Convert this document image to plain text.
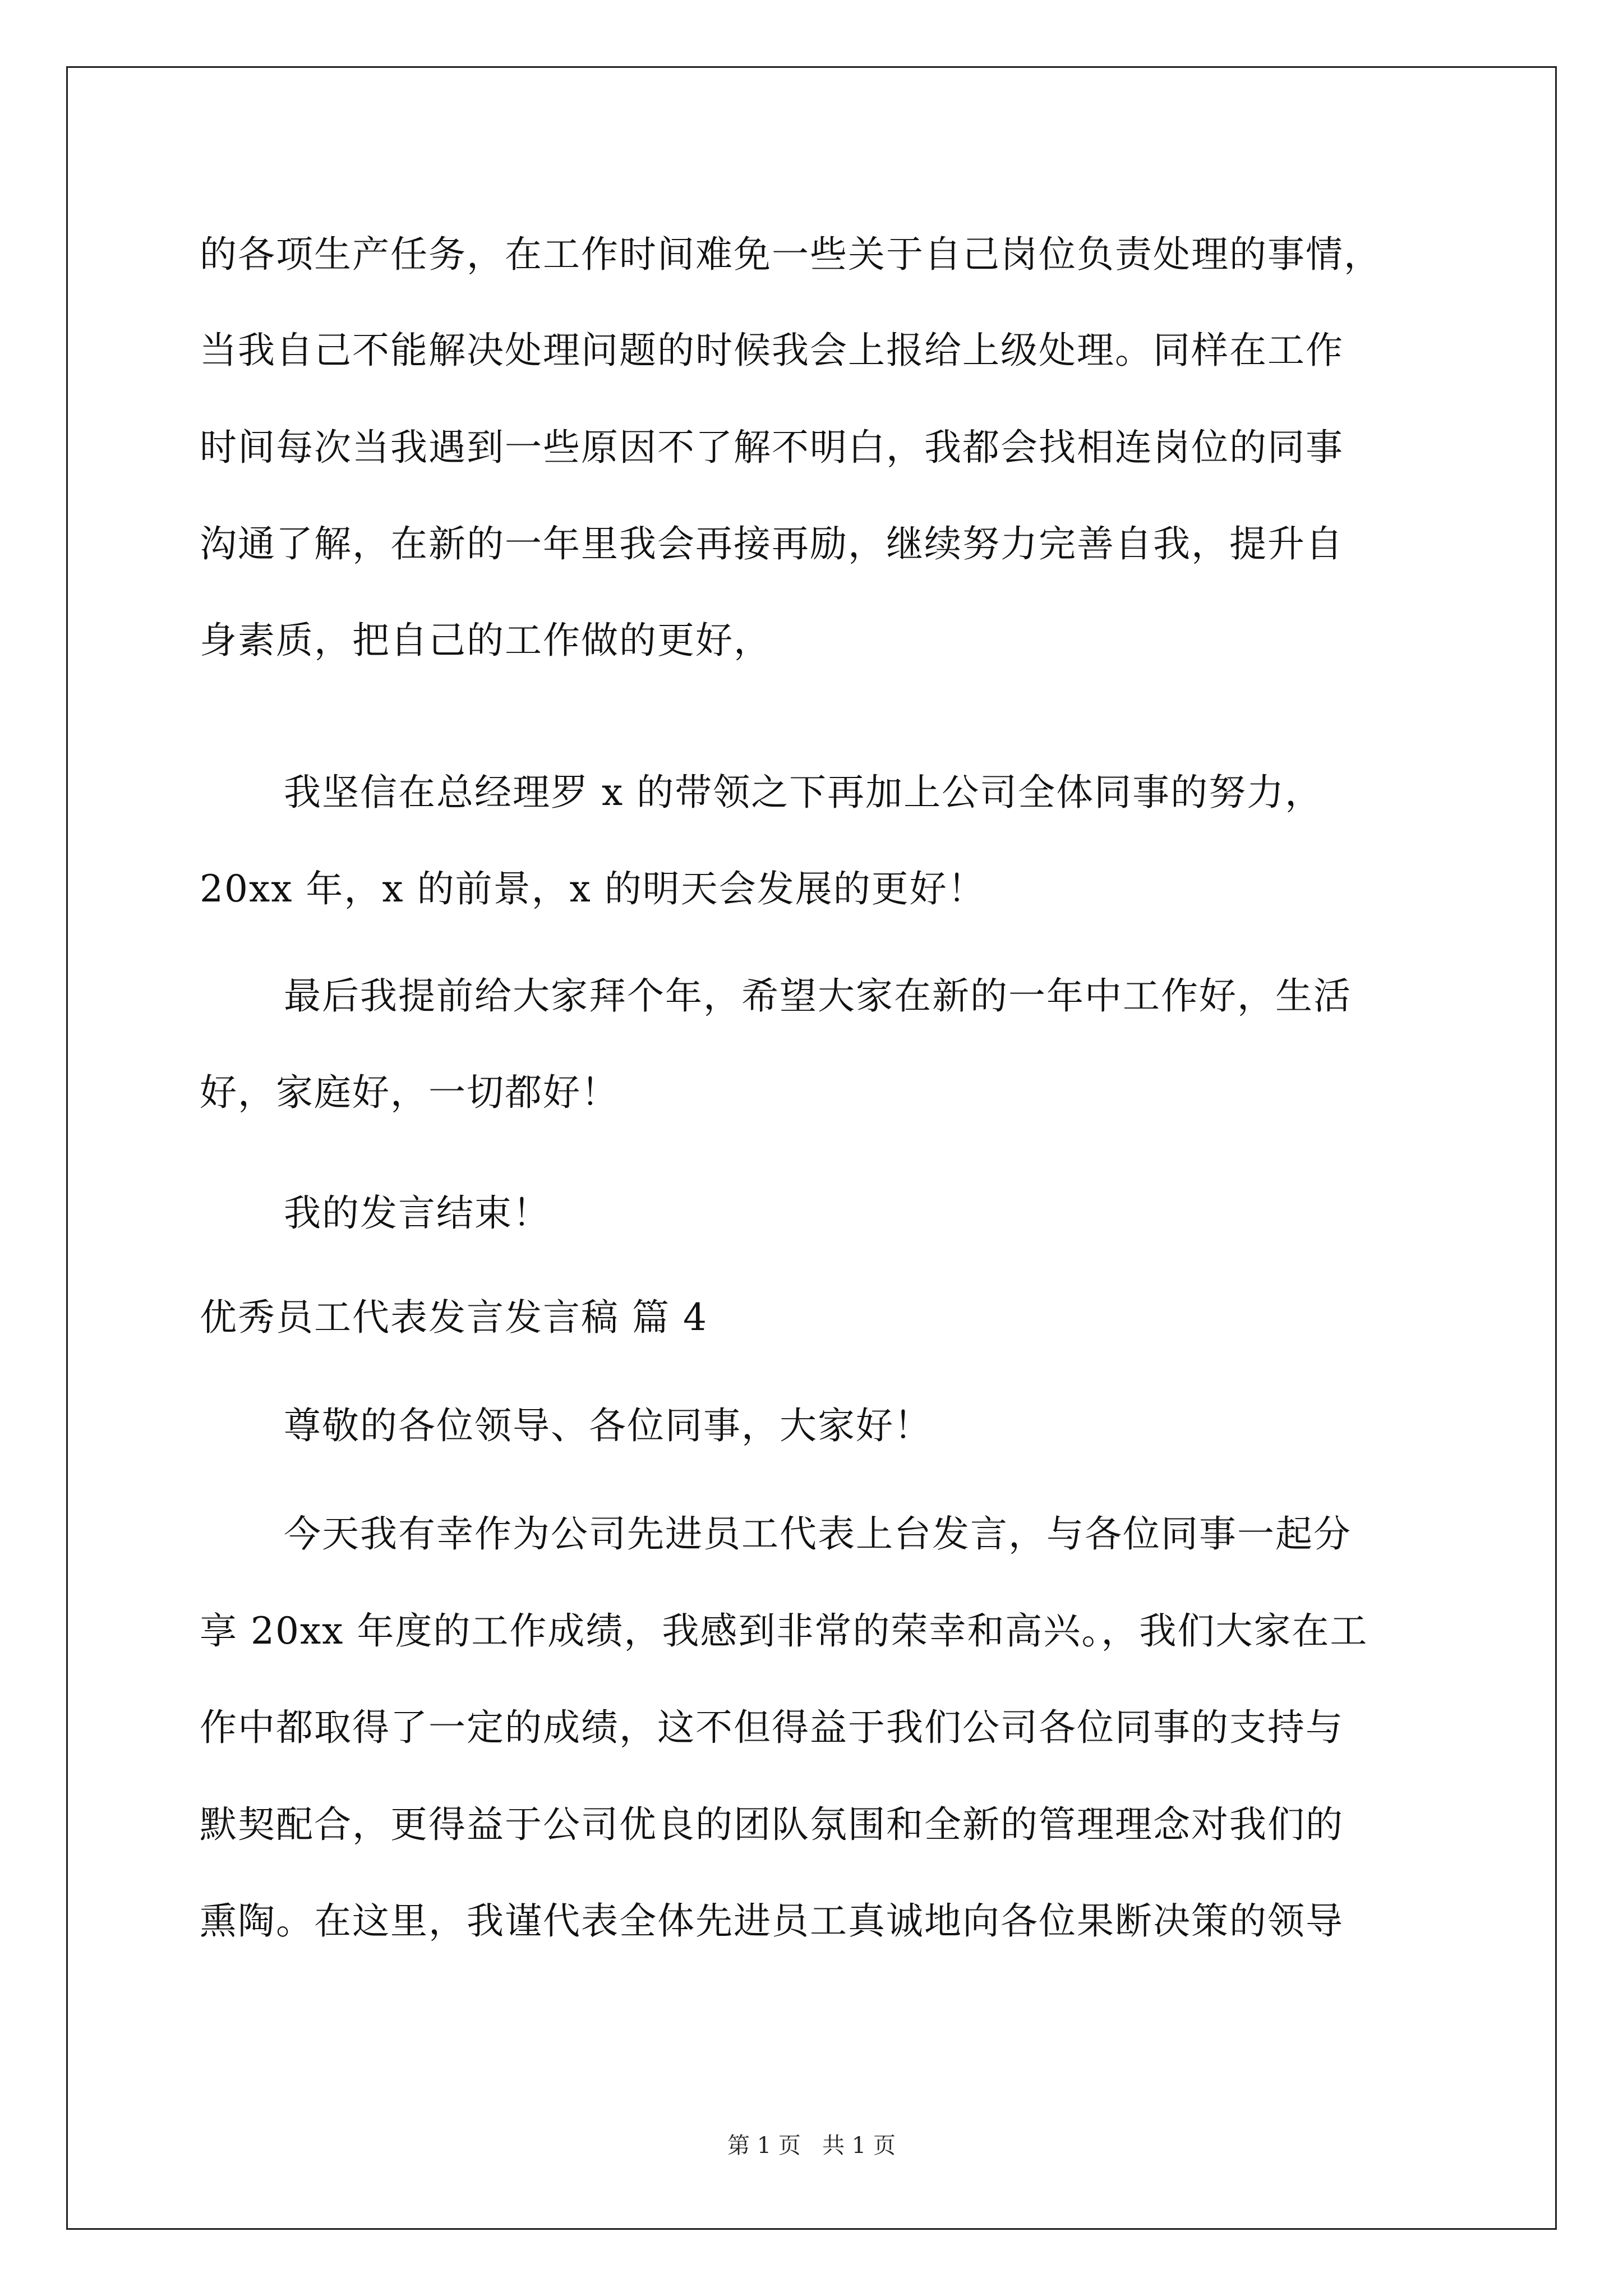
的各项生产任务，在工作时间难免一些关于自己岗位负责处理的事情，
当我自己不能解决处理问题的时候我会上报给上级处理。同样在工作
时间每次当我遇到一些原因不了解不明白，我都会找相连岗位的同事
沟通了解，在新的一年里我会再接再励，继续努力完善自我，提升自
身素质，把自己的工作做的更好，
我坚信在总经理罗 x 的带领之下再加上公司全体同事的努力，
20xx 年，x 的前景，x 的明天会发展的更好！
最后我提前给大家拜个年，希望大家在新的一年中工作好，生活
好，家庭好，一切都好！
我的发言结束！
优秀员工代表发言发言稿 篇 4
尊敬的各位领导、各位同事，大家好！
今天我有幸作为公司先进员工代表上台发言，与各位同事一起分
享 20xx 年度的工作成绩，我感到非常的荣幸和高兴。，我们大家在工
作中都取得了一定的成绩，这不但得益于我们公司各位同事的支持与
默契配合，更得益于公司优良的团队氛围和全新的管理理念对我们的
熏陶。在这里，我谨代表全体先进员工真诚地向各位果断决策的领导
第 1 页   共 1 页
